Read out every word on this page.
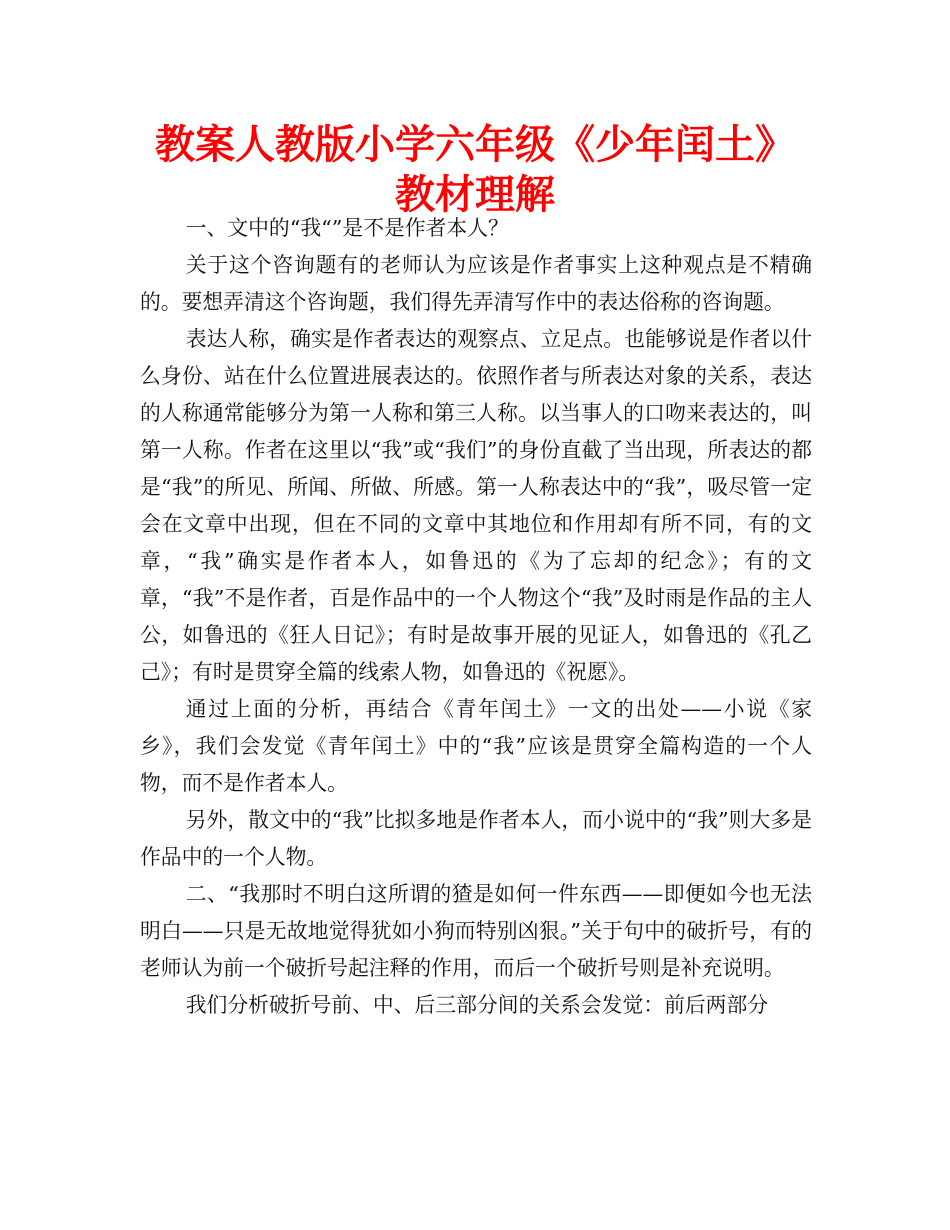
教案人教版小学六年级《少年闰土》教材理解

一、文中的“我“”是不是作者本人？

关于这个咨询题有的老师认为应该是作者事实上这种观点是不精确的。要想弄清这个咨询题，我们得先弄清写作中的表达俗称的咨询题。

表达人称，确实是作者表达的观察点、立足点。也能够说是作者以什么身份、站在什么位置进展表达的。依照作者与所表达对象的关系，表达的人称通常能够分为第一人称和第三人称。以当事人的口吻来表达的，叫第一人称。作者在这里以“我”或“我们”的身份直截了当出现，所表达的都是“我”的所见、所闻、所做、所感。第一人称表达中的“我”，吸尽管一定会在文章中出现，但在不同的文章中其地位和作用却有所不同，有的文章，“我”确实是作者本人，如鲁迅的《为了忘却的纪念》；有的文章，“我”不是作者，百是作品中的一个人物这个“我”及时雨是作品的主人公，如鲁迅的《狂人日记》；有时是故事开展的见证人，如鲁迅的《孔乙己》；有时是贯穿全篇的线索人物，如鲁迅的《祝愿》。

通过上面的分析，再结合《青年闰土》一文的出处——小说《家乡》，我们会发觉《青年闰土》中的“我”应该是贯穿全篇构造的一个人物，而不是作者本人。

另外，散文中的“我”比拟多地是作者本人，而小说中的“我”则大多是作品中的一个人物。

二、“我那时不明白这所谓的猹是如何一件东西——即便如今也无法明白——只是无故地觉得犹如小狗而特别凶狠。”关于句中的破折号，有的老师认为前一个破折号起注释的作用，而后一个破折号则是补充说明。

我们分析破折号前、中、后三部分间的关系会发觉：前后两部分
